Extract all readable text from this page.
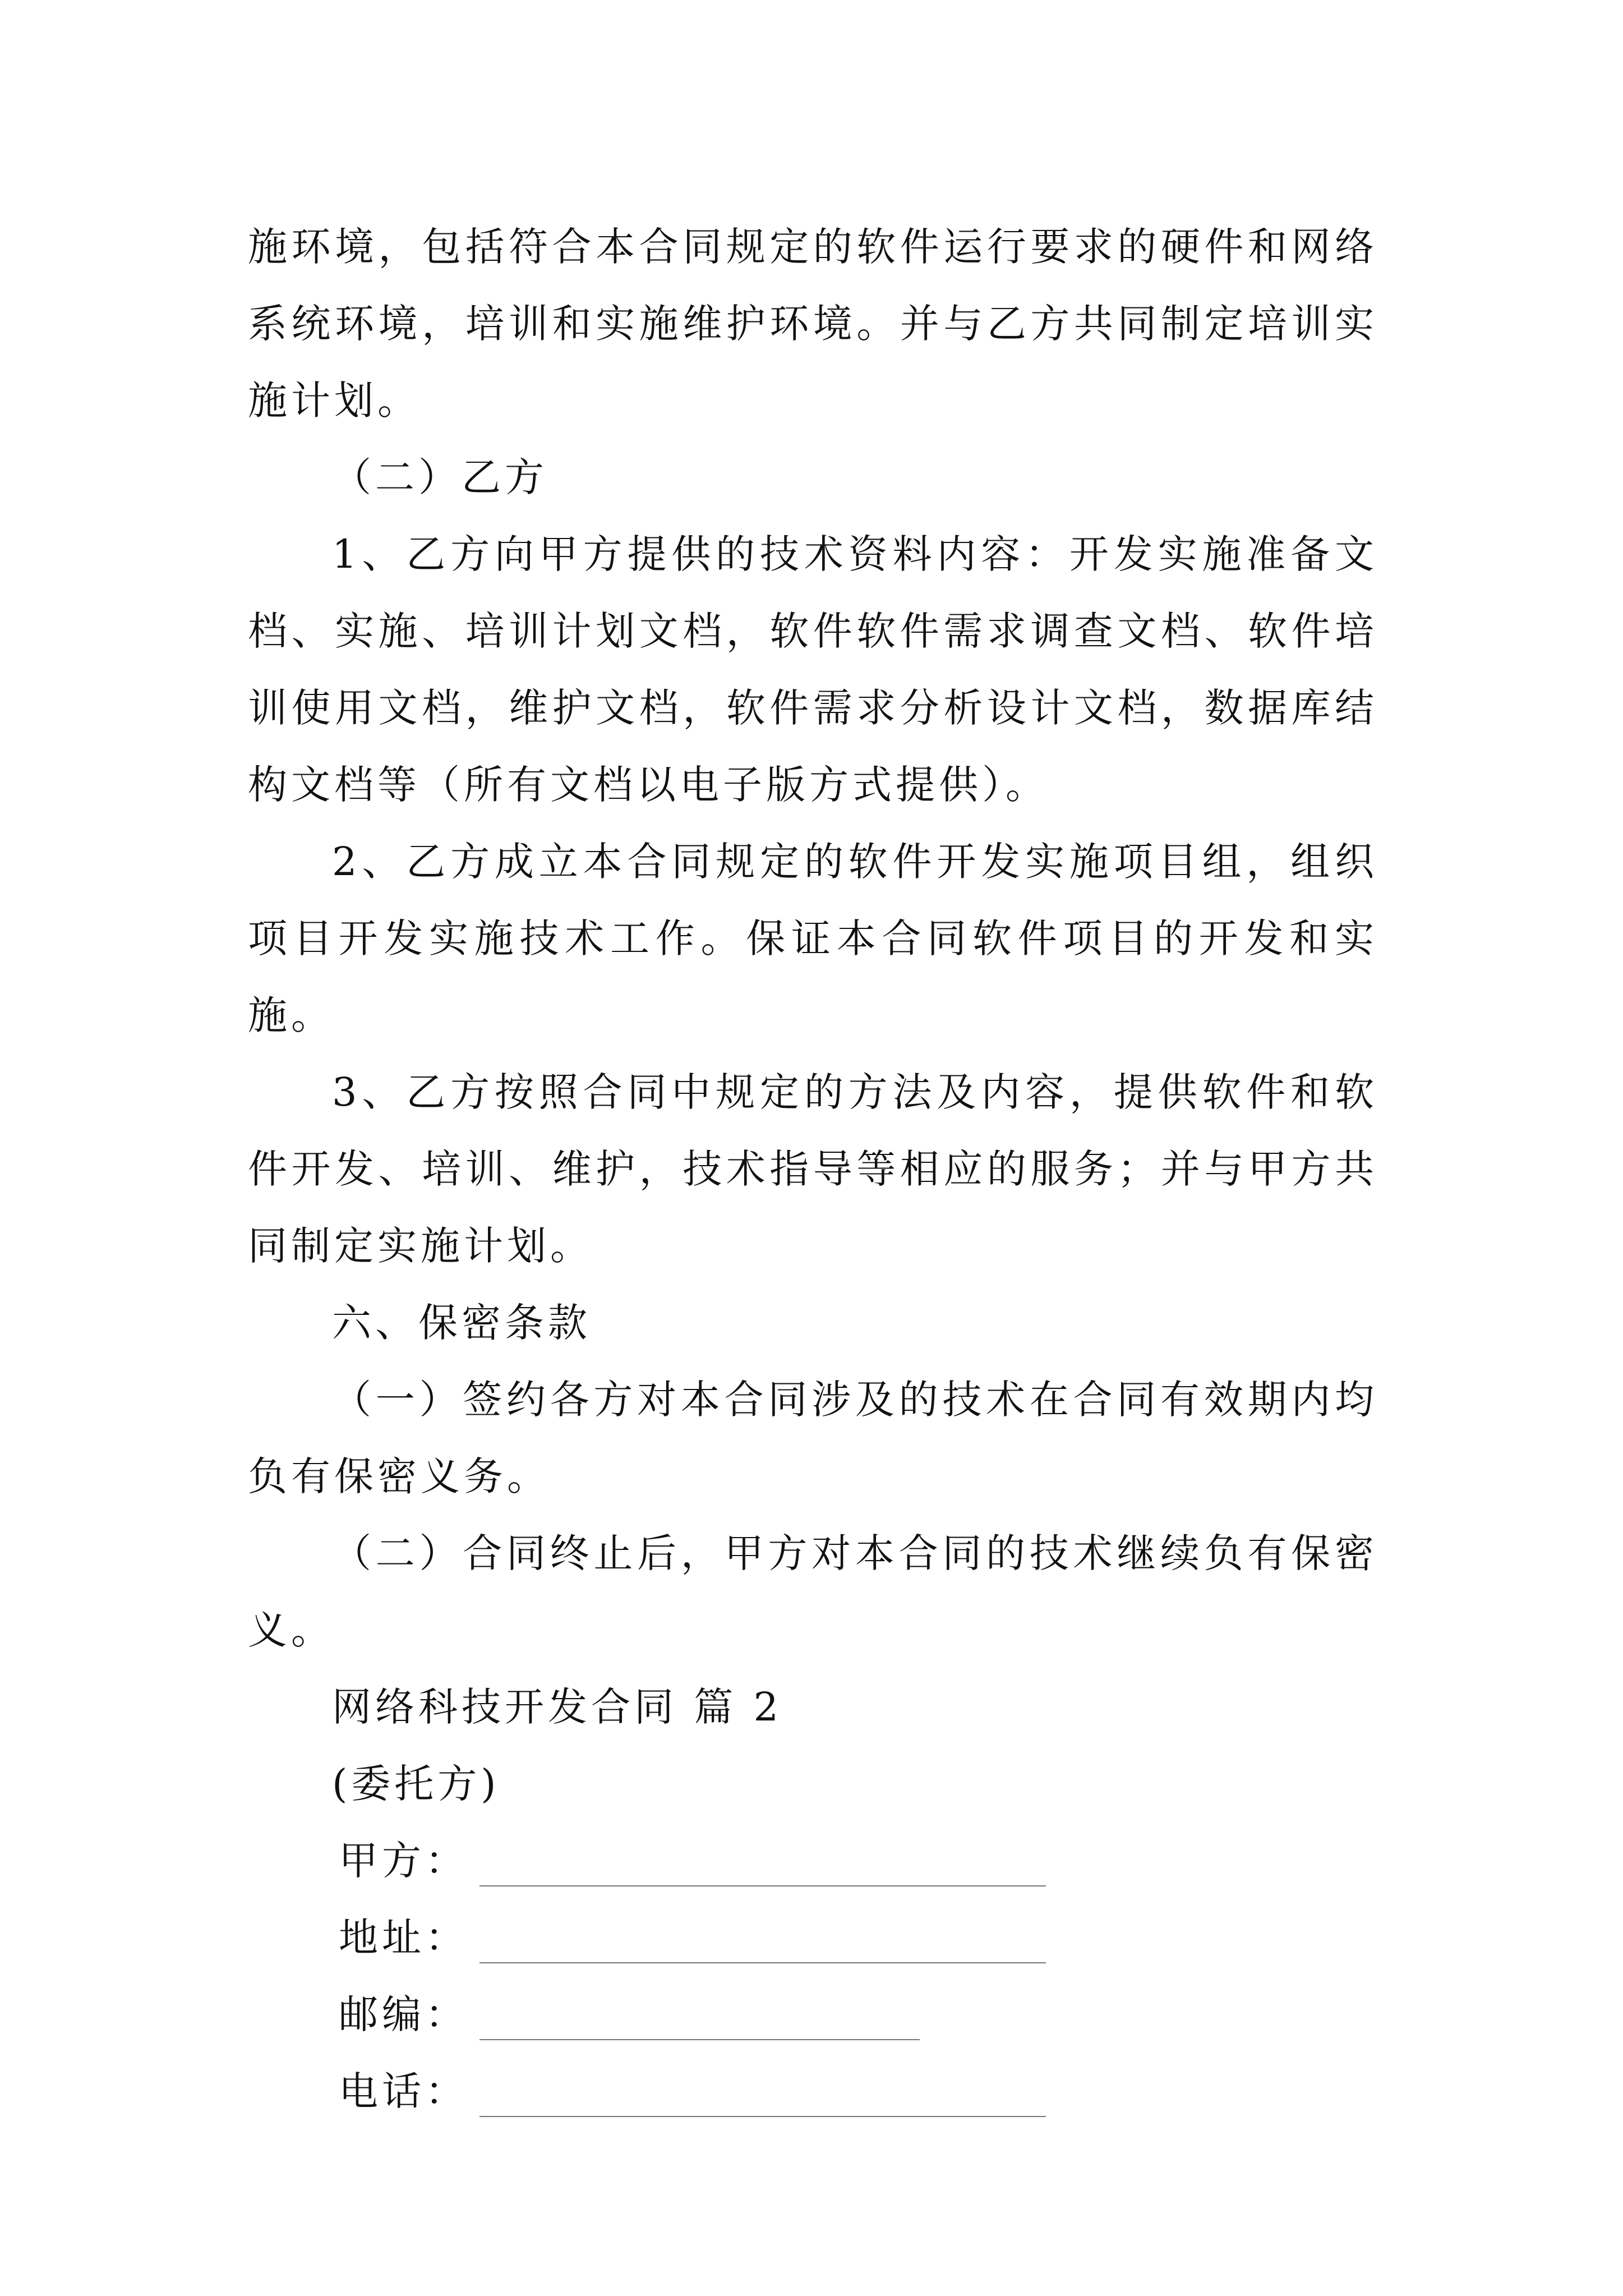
施环境，包括符合本合同规定的软件运行要求的硬件和网络系统环境，培训和实施维护环境。并与乙方共同制定培训实施计划。

（二）乙方

1、乙方向甲方提供的技术资料内容：开发实施准备文档、实施、培训计划文档，软件软件需求调查文档、软件培训使用文档，维护文档，软件需求分析设计文档，数据库结构文档等（所有文档以电子版方式提供）。

2、乙方成立本合同规定的软件开发实施项目组，组织项目开发实施技术工作。保证本合同软件项目的开发和实施。

3、乙方按照合同中规定的方法及内容，提供软件和软件开发、培训、维护，技术指导等相应的服务；并与甲方共同制定实施计划。

六、保密条款

（一）签约各方对本合同涉及的技术在合同有效期内均负有保密义务。

（二）合同终止后，甲方对本合同的技术继续负有保密义。

网络科技开发合同 篇 2

(委托方)

甲方：
地址：
邮编：
电话：
